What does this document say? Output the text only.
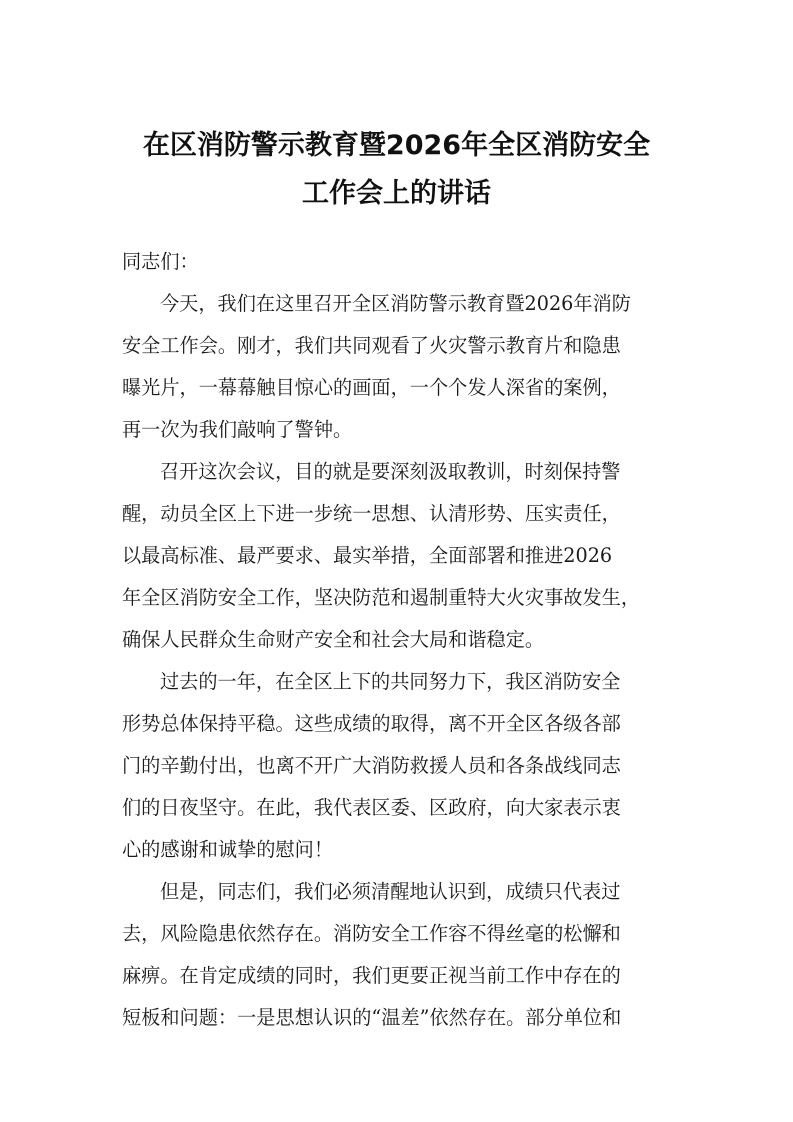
在区消防警示教育暨2026年全区消防安全
工作会上的讲话
同志们：
今天，我们在这里召开全区消防警示教育暨2026年消防
安全工作会。刚才，我们共同观看了火灾警示教育片和隐患
曝光片，一幕幕触目惊心的画面，一个个发人深省的案例，
再一次为我们敲响了警钟。
召开这次会议，目的就是要深刻汲取教训，时刻保持警
醒，动员全区上下进一步统一思想、认清形势、压实责任，
以最高标准、最严要求、最实举措，全面部署和推进2026
年全区消防安全工作，坚决防范和遏制重特大火灾事故发生，
确保人民群众生命财产安全和社会大局和谐稳定。
过去的一年，在全区上下的共同努力下，我区消防安全
形势总体保持平稳。这些成绩的取得，离不开全区各级各部
门的辛勤付出，也离不开广大消防救援人员和各条战线同志
们的日夜坚守。在此，我代表区委、区政府，向大家表示衷
心的感谢和诚挚的慰问！
但是，同志们，我们必须清醒地认识到，成绩只代表过
去，风险隐患依然存在。消防安全工作容不得丝毫的松懈和
麻痹。在肯定成绩的同时，我们更要正视当前工作中存在的
短板和问题：一是思想认识的“温差”依然存在。部分单位和
